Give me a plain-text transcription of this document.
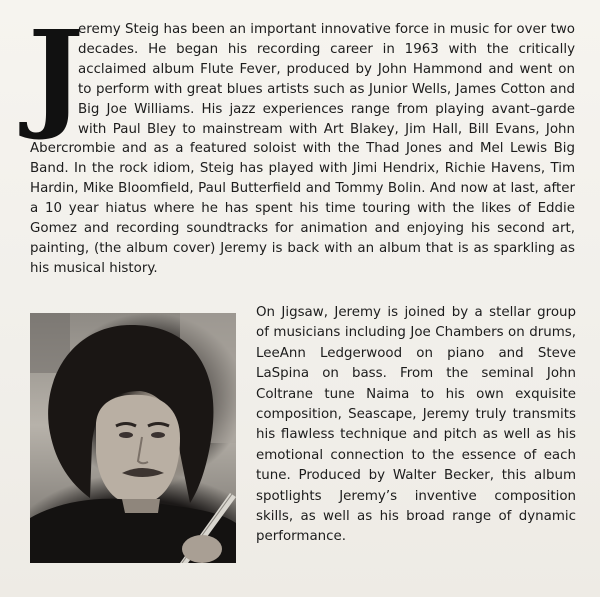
J

eremy Steig has been an important innovative force in music for over two decades. He began his recording career in 1963 with the critically acclaimed album Flute Fever, produced by John Hammond and went on to perform with great blues artists such as Junior Wells, James Cotton and Big Joe Williams. His jazz experiences range from playing avant–garde with Paul Bley to mainstream with Art Blakey, Jim Hall, Bill Evans, John Abercrombie and as a featured soloist with the Thad Jones and Mel Lewis Big Band. In the rock idiom, Steig has played with Jimi Hendrix, Richie Havens, Tim Hardin, Mike Bloomfield, Paul Butterfield and Tommy Bolin. And now at last, after a 10 year hiatus where he has spent his time touring with the likes of Eddie Gomez and recording soundtracks for animation and enjoying his second art, painting, (the album cover) Jeremy is back with an album that is as sparkling as his musical history.

On Jigsaw, Jeremy is joined by a stellar group of musicians including Joe Chambers on drums, LeeAnn Ledgerwood on piano and Steve LaSpina on bass. From the seminal John Coltrane tune Naima to his own exquisite composition, Seascape, Jeremy truly transmits his flawless technique and pitch as well as his emotional connection to the essence of each tune. Produced by Walter Becker, this album spotlights Jeremy’s inventive composition skills, as well as his broad range of dynamic performance.
